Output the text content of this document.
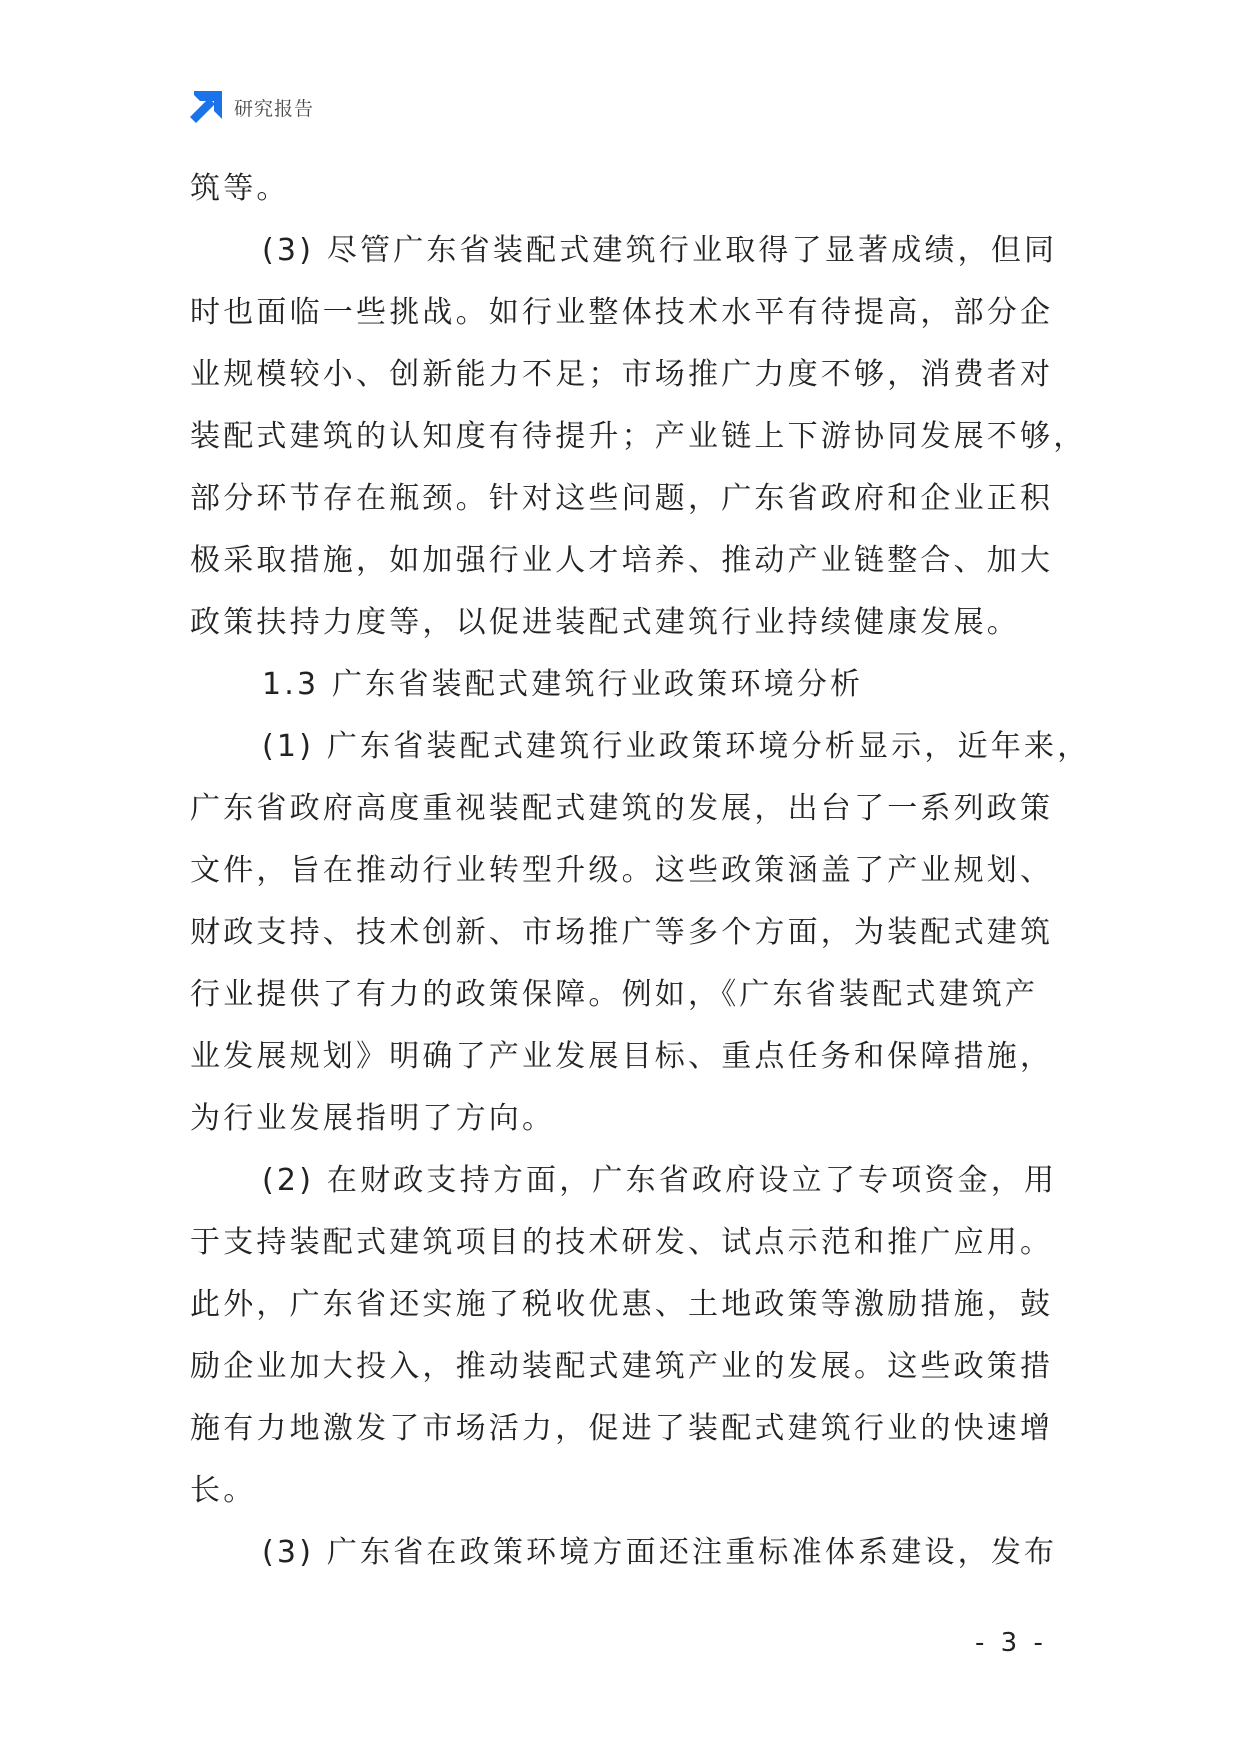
研究报告
筑等。
(3) 尽管广东省装配式建筑行业取得了显著成绩，但同
时也面临一些挑战。如行业整体技术水平有待提高，部分企
业规模较小、创新能力不足；市场推广力度不够，消费者对
装配式建筑的认知度有待提升；产业链上下游协同发展不够，
部分环节存在瓶颈。针对这些问题，广东省政府和企业正积
极采取措施，如加强行业人才培养、推动产业链整合、加大
政策扶持力度等，以促进装配式建筑行业持续健康发展。
1.3 广东省装配式建筑行业政策环境分析
(1) 广东省装配式建筑行业政策环境分析显示，近年来，
广东省政府高度重视装配式建筑的发展，出台了一系列政策
文件，旨在推动行业转型升级。这些政策涵盖了产业规划、
财政支持、技术创新、市场推广等多个方面，为装配式建筑
行业提供了有力的政策保障。例如，《广东省装配式建筑产
业发展规划》明确了产业发展目标、重点任务和保障措施，
为行业发展指明了方向。
(2) 在财政支持方面，广东省政府设立了专项资金，用
于支持装配式建筑项目的技术研发、试点示范和推广应用。
此外，广东省还实施了税收优惠、土地政策等激励措施，鼓
励企业加大投入，推动装配式建筑产业的发展。这些政策措
施有力地激发了市场活力，促进了装配式建筑行业的快速增
长。
(3) 广东省在政策环境方面还注重标准体系建设，发布
- 3 -
